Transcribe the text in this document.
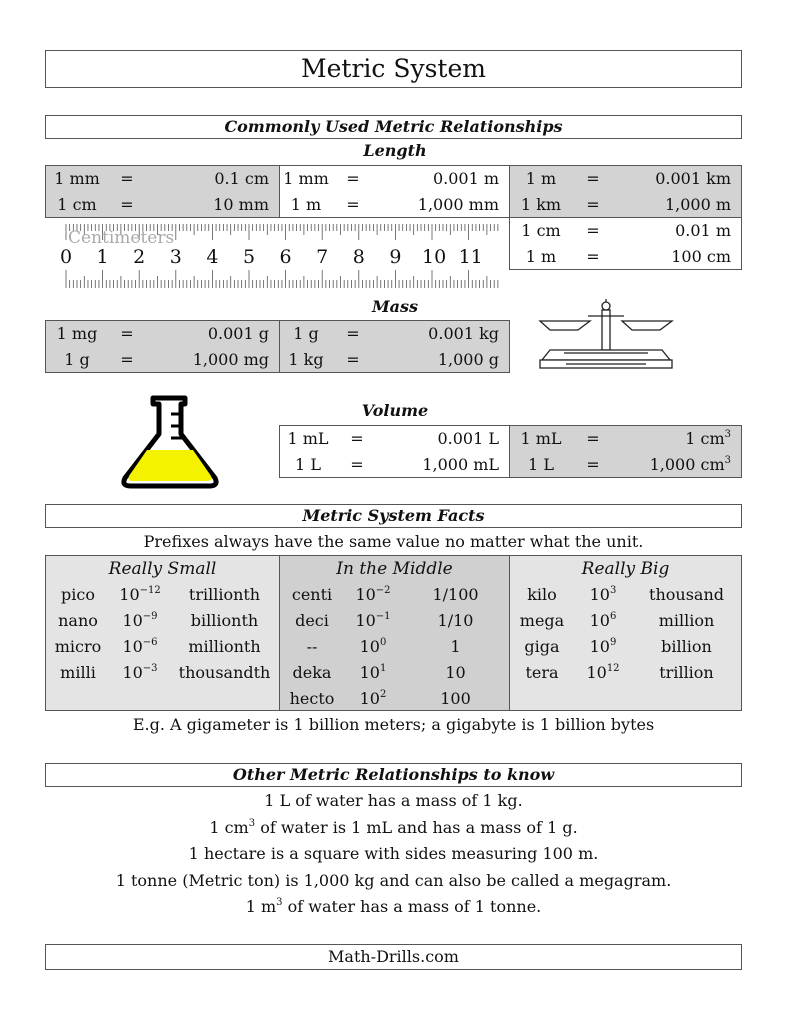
Metric System
Commonly Used Metric Relationships
Length
1 mm	=	0.1 cm
1 cm	=	10 mm
1 mm	=	0.001 m
1 m	=	1,000 mm
1 m	=	0.001 km
1 km	=	1,000 m
1 cm	=	0.01 m
1 m	=	100 cm
Centimeters
0 1 2 3 4 5 6 7 8 9 10 11
Mass
1 mg	=	0.001 g
1 g	=	1,000 mg
1 g	=	0.001 kg
1 kg	=	1,000 g
Volume
1 mL	=	0.001 L
1 L	=	1,000 mL
1 mL	=	1 $cm^3$
1 L	=	1,000 $cm^3$
Metric System Facts
Prefixes always have the same value no matter what the unit.
Really Small
pico	$10^{-12}$	trillionth
nano	$10^{-9}$	billionth
micro	$10^{-6}$	millionth
milli	$10^{-3}$	thousandth
In the Middle
centi	$10^{-2}$	1/100
deci	$10^{-1}$	1/10
--	$10^0$	1
deka	$10^1$	10
hecto	$10^2$	100
Really Big
kilo	$10^3$	thousand
mega	$10^6$	million
giga	$10^9$	billion
tera	$10^{12}$	trillion
E.g. A gigameter is 1 billion meters; a gigabyte is 1 billion bytes
Other Metric Relationships to know
1 L of water has a mass of 1 kg.
1 $cm^3$ of water is 1 mL and has a mass of 1 g.
1 hectare is a square with sides measuring 100 m.
1 tonne (Metric ton) is 1,000 kg and can also be called a megagram.
1 $m^3$ of water has a mass of 1 tonne.
Math-Drills.com
